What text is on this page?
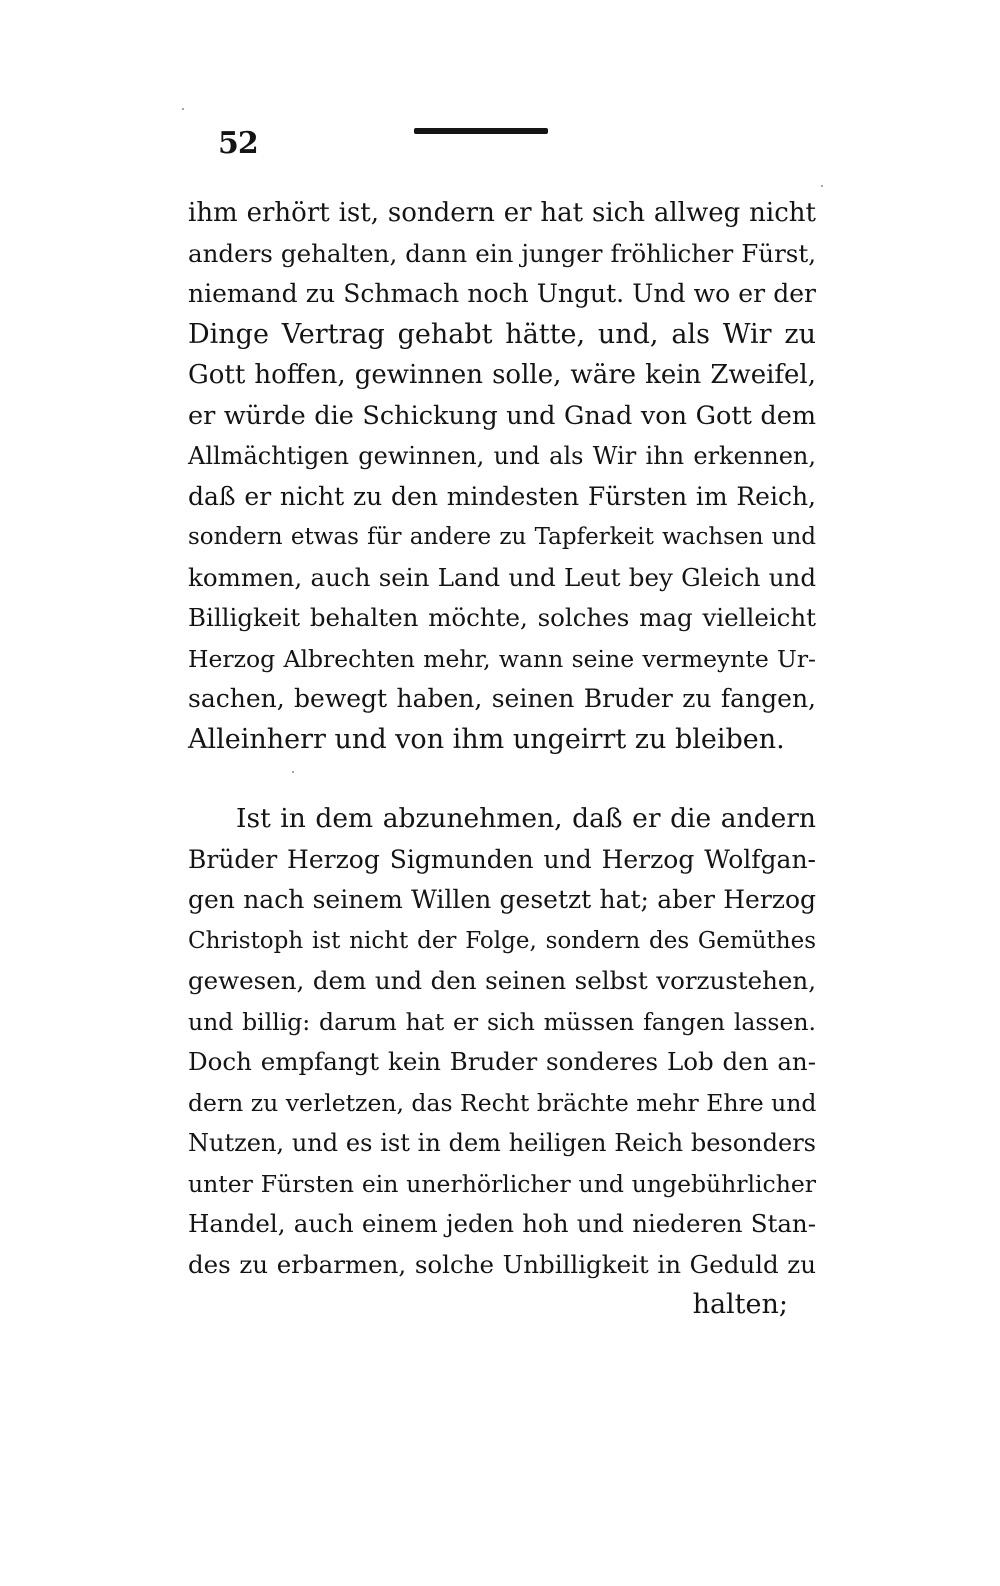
52
ihm erhört ist, sondern er hat sich allweg nicht
anders gehalten, dann ein junger fröhlicher Fürst,
niemand zu Schmach noch Ungut. Und wo er der
Dinge Vertrag gehabt hätte, und, als Wir zu
Gott hoffen, gewinnen solle, wäre kein Zweifel,
er würde die Schickung und Gnad von Gott dem
Allmächtigen gewinnen, und als Wir ihn erkennen,
daß er nicht zu den mindesten Fürsten im Reich,
sondern etwas für andere zu Tapferkeit wachsen und
kommen, auch sein Land und Leut bey Gleich und
Billigkeit behalten möchte, solches mag vielleicht
Herzog Albrechten mehr, wann seine vermeynte Ur-
sachen, bewegt haben, seinen Bruder zu fangen,
Alleinherr und von ihm ungeirrt zu bleiben.
Ist in dem abzunehmen, daß er die andern
Brüder Herzog Sigmunden und Herzog Wolfgan-
gen nach seinem Willen gesetzt hat; aber Herzog
Christoph ist nicht der Folge, sondern des Gemüthes
gewesen, dem und den seinen selbst vorzustehen,
und billig: darum hat er sich müssen fangen lassen.
Doch empfangt kein Bruder sonderes Lob den an-
dern zu verletzen, das Recht brächte mehr Ehre und
Nutzen, und es ist in dem heiligen Reich besonders
unter Fürsten ein unerhörlicher und ungebührlicher
Handel, auch einem jeden hoh und niederen Stan-
des zu erbarmen, solche Unbilligkeit in Geduld zu
halten;
